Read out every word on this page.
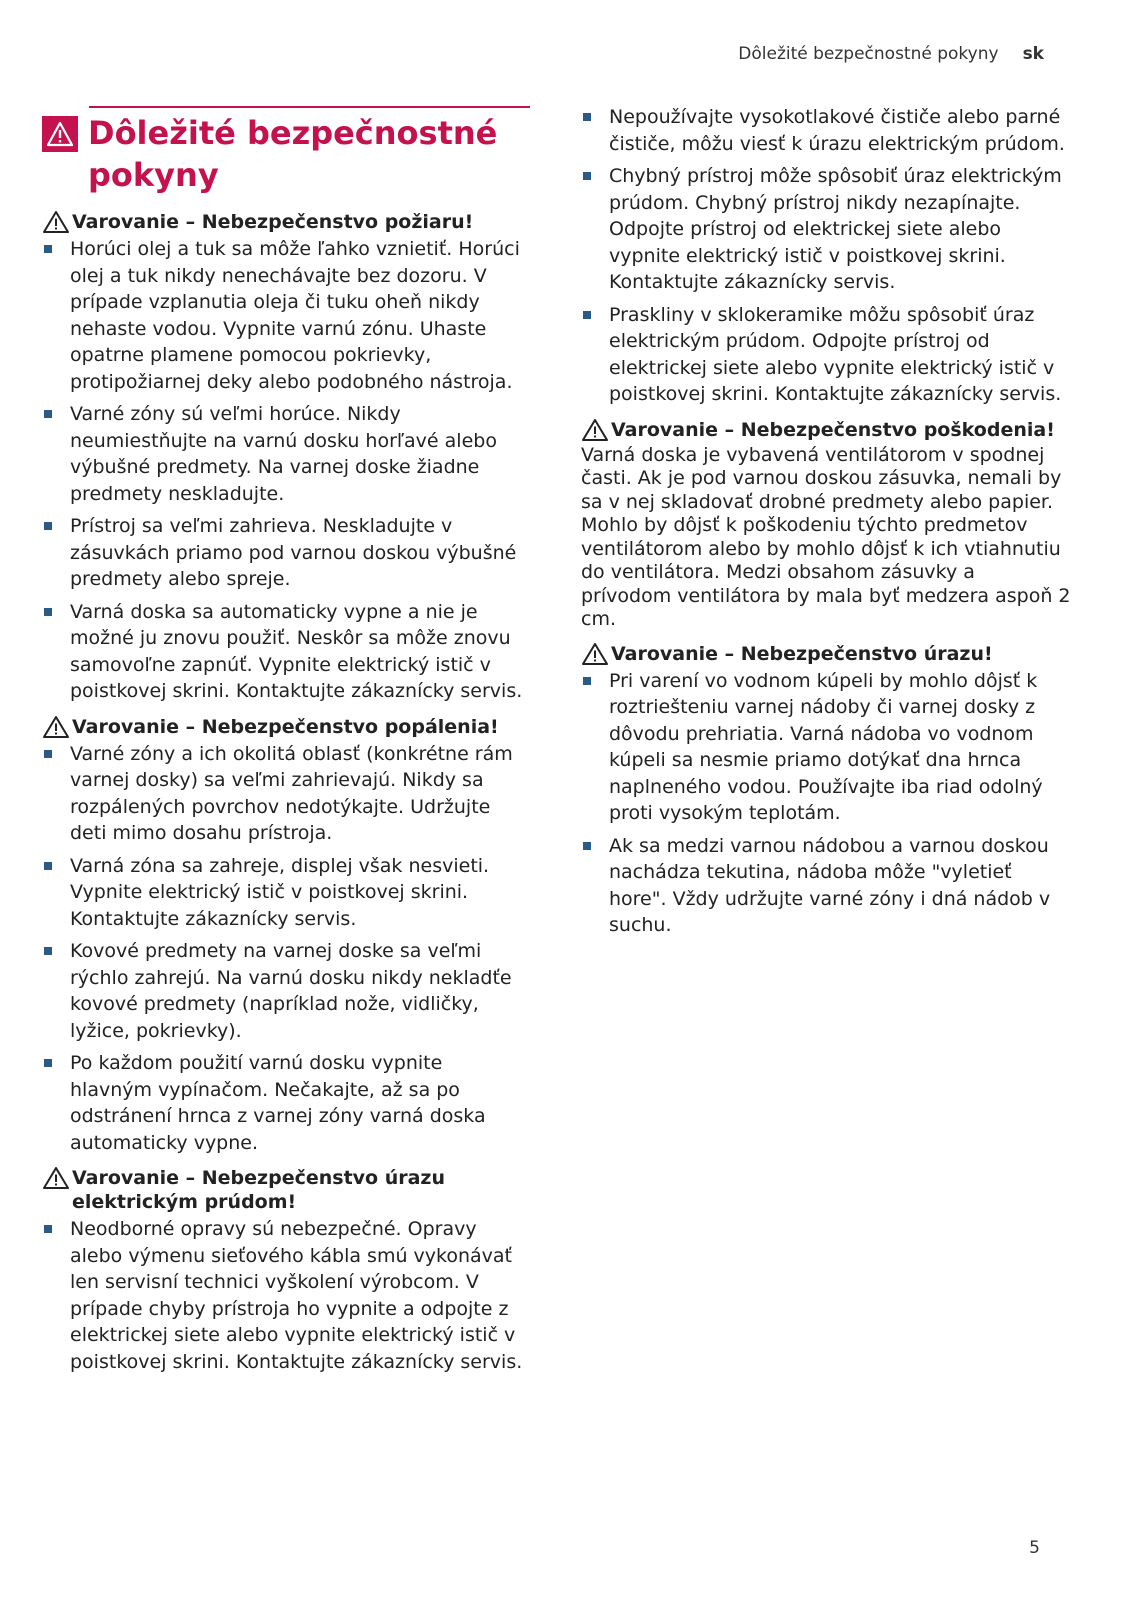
Dôležité bezpečnostné pokyny sk
Dôležité bezpečnostné pokyny
Varovanie – Nebezpečenstvo požiaru!
Horúci olej a tuk sa môže ľahko vznietiť. Horúci olej a tuk nikdy nenechávajte bez dozoru. V prípade vzplanutia oleja či tuku oheň nikdy nehaste vodou. Vypnite varnú zónu. Uhaste opatrne plamene pomocou pokrievky, protipožiarnej deky alebo podobného nástroja.
Varné zóny sú veľmi horúce. Nikdy neumiestňujte na varnú dosku horľavé alebo výbušné predmety. Na varnej doske žiadne predmety neskladujte.
Prístroj sa veľmi zahrieva. Neskladujte v zásuvkách priamo pod varnou doskou výbušné predmety alebo spreje.
Varná doska sa automaticky vypne a nie je možné ju znovu použiť. Neskôr sa môže znovu samovoľne zapnúť. Vypnite elektrický istič v poistkovej skrini. Kontaktujte zákaznícky servis.
Varovanie – Nebezpečenstvo popálenia!
Varné zóny a ich okolitá oblasť (konkrétne rám varnej dosky) sa veľmi zahrievajú. Nikdy sa rozpálených povrchov nedotýkajte. Udržujte deti mimo dosahu prístroja.
Varná zóna sa zahreje, displej však nesvieti. Vypnite elektrický istič v poistkovej skrini. Kontaktujte zákaznícky servis.
Kovové predmety na varnej doske sa veľmi rýchlo zahrejú. Na varnú dosku nikdy nekladťe kovové predmety (napríklad nože, vidličky, lyžice, pokrievky).
Po každom použití varnú dosku vypnite hlavným vypínačom. Nečakajte, až sa po odstránení hrnca z varnej zóny varná doska automaticky vypne.
Varovanie – Nebezpečenstvo úrazu elektrickým prúdom!
Neodborné opravy sú nebezpečné. Opravy alebo výmenu sieťového kábla smú vykonávať len servisní technici vyškolení výrobcom. V prípade chyby prístroja ho vypnite a odpojte z elektrickej siete alebo vypnite elektrický istič v poistkovej skrini. Kontaktujte zákaznícky servis.
Nepoužívajte vysokotlakové čističe alebo parné čističe, môžu viesť k úrazu elektrickým prúdom.
Chybný prístroj môže spôsobiť úraz elektrickým prúdom. Chybný prístroj nikdy nezapínajte. Odpojte prístroj od elektrickej siete alebo vypnite elektrický istič v poistkovej skrini. Kontaktujte zákaznícky servis.
Praskliny v sklokeramike môžu spôsobiť úraz elektrickým prúdom. Odpojte prístroj od elektrickej siete alebo vypnite elektrický istič v poistkovej skrini. Kontaktujte zákaznícky servis.
Varovanie – Nebezpečenstvo poškodenia!
Varná doska je vybavená ventilátorom v spodnej časti. Ak je pod varnou doskou zásuvka, nemali by sa v nej skladovať drobné predmety alebo papier. Mohlo by dôjsť k poškodeniu týchto predmetov ventilátorom alebo by mohlo dôjsť k ich vtiahnutiu do ventilátora. Medzi obsahom zásuvky a prívodom ventilátora by mala byť medzera aspoň 2 cm.
Varovanie – Nebezpečenstvo úrazu!
Pri varení vo vodnom kúpeli by mohlo dôjsť k roztriešteniu varnej nádoby či varnej dosky z dôvodu prehriatia. Varná nádoba vo vodnom kúpeli sa nesmie priamo dotýkať dna hrnca naplneného vodou. Používajte iba riad odolný proti vysokým teplotám.
Ak sa medzi varnou nádobou a varnou doskou nachádza tekutina, nádoba môže "vyletieť hore". Vždy udržujte varné zóny i dná nádob v suchu.
5
